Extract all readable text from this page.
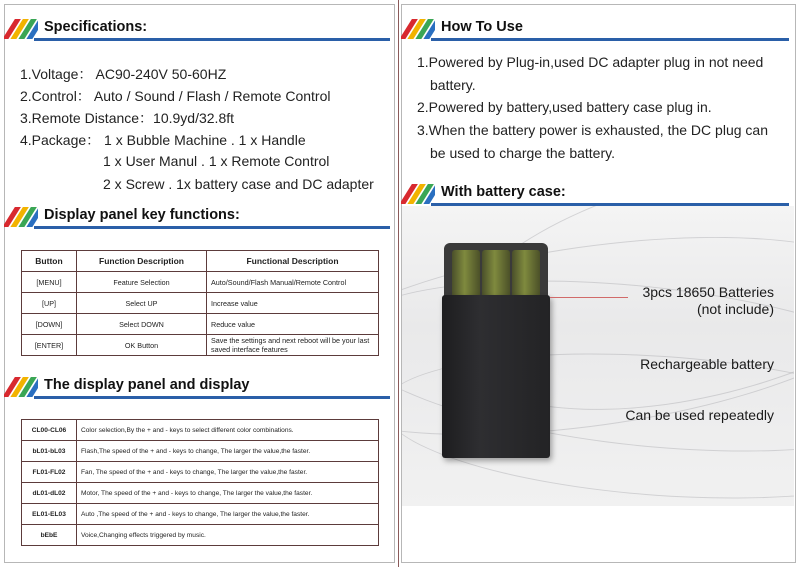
Specifications:
1.Voltage： AC90-240V 50-60HZ
2.Control： Auto / Sound / Flash / Remote Control
3.Remote Distance：10.9yd/32.8ft
4.Package： 1 x Bubble Machine . 1 x Handle
1 x User Manul . 1 x Remote Control
2 x Screw . 1x battery case and DC adapter
Display panel key functions:
Button	Function Description	Functional Description
[MENU]	Feature Selection	Auto/Sound/Flash Manual/Remote Control
[UP]	Select UP	Increase value
[DOWN]	Select DOWN	Reduce value
[ENTER]	OK Button	Save the settings and next reboot will be your last saved interface features
The display panel and display
CL00-CL06	Color selection,By the + and - keys to select different color combinations.
bL01-bL03	Flash,The speed of the + and - keys to change, The larger the value,the faster.
FL01-FL02	Fan, The speed of the + and - keys to change, The larger the value,the faster.
dL01-dL02	Motor, The speed of the + and - keys to change, The larger the value,the faster.
EL01-EL03	Auto ,The speed of the + and - keys to change, The larger the value,the faster.
bEbE	Voice,Changing effects triggered by music.
How To Use
1.Powered by Plug-in,used DC adapter plug in not need
battery.
2.Powered by battery,used battery case plug in.
3.When the battery power is exhausted, the DC plug can
be used to charge the battery.
With battery case:
3pcs 18650 Batteries
(not include)
Rechargeable battery
Can be used repeatedly
